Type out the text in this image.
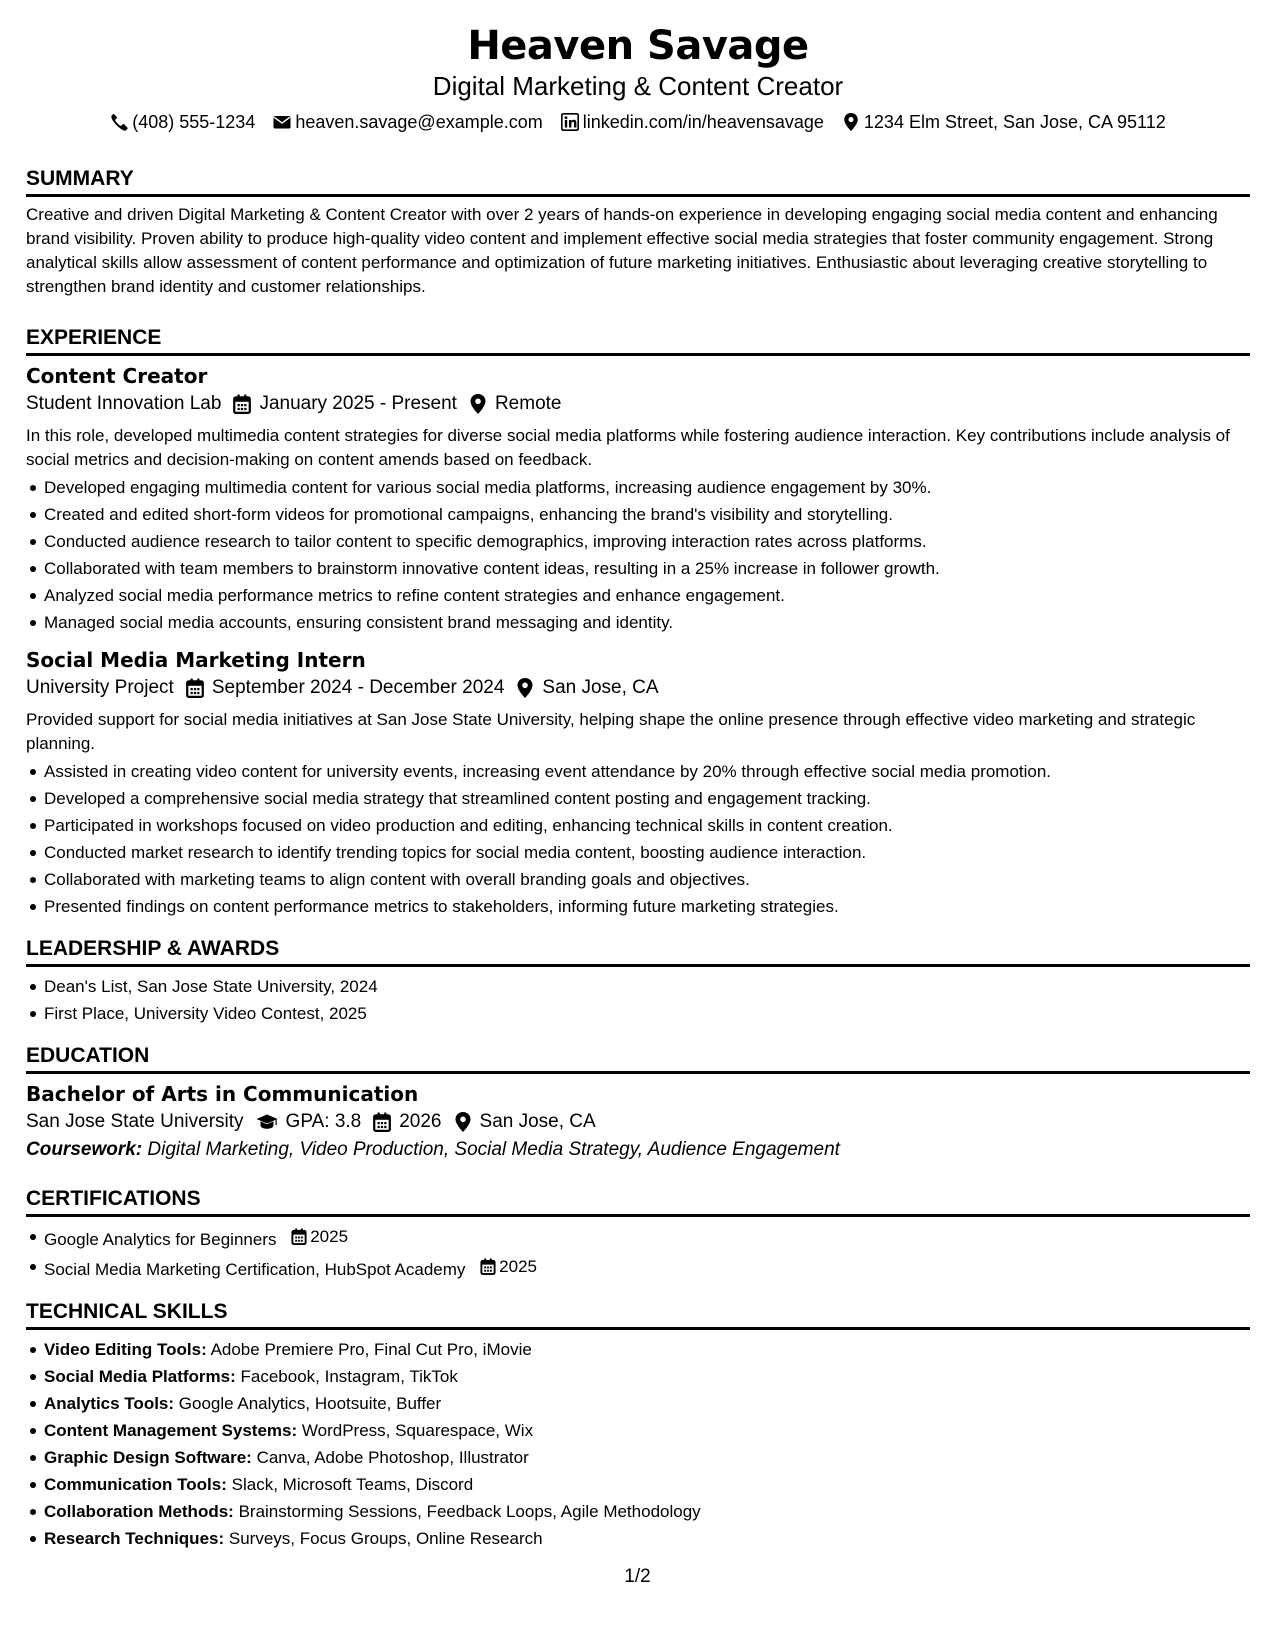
Heaven Savage
Digital Marketing & Content Creator
(408) 555-1234 heaven.savage@example.com linkedin.com/in/heavensavage 1234 Elm Street, San Jose, CA 95112
SUMMARY
Creative and driven Digital Marketing & Content Creator with over 2 years of hands-on experience in developing engaging social media content and enhancing brand visibility. Proven ability to produce high-quality video content and implement effective social media strategies that foster community engagement. Strong analytical skills allow assessment of content performance and optimization of future marketing initiatives. Enthusiastic about leveraging creative storytelling to strengthen brand identity and customer relationships.
EXPERIENCE
Content Creator
Student Innovation Lab January 2025 - Present Remote
In this role, developed multimedia content strategies for diverse social media platforms while fostering audience interaction. Key contributions include analysis of social metrics and decision-making on content amends based on feedback.
Developed engaging multimedia content for various social media platforms, increasing audience engagement by 30%.
Created and edited short-form videos for promotional campaigns, enhancing the brand's visibility and storytelling.
Conducted audience research to tailor content to specific demographics, improving interaction rates across platforms.
Collaborated with team members to brainstorm innovative content ideas, resulting in a 25% increase in follower growth.
Analyzed social media performance metrics to refine content strategies and enhance engagement.
Managed social media accounts, ensuring consistent brand messaging and identity.
Social Media Marketing Intern
University Project September 2024 - December 2024 San Jose, CA
Provided support for social media initiatives at San Jose State University, helping shape the online presence through effective video marketing and strategic planning.
Assisted in creating video content for university events, increasing event attendance by 20% through effective social media promotion.
Developed a comprehensive social media strategy that streamlined content posting and engagement tracking.
Participated in workshops focused on video production and editing, enhancing technical skills in content creation.
Conducted market research to identify trending topics for social media content, boosting audience interaction.
Collaborated with marketing teams to align content with overall branding goals and objectives.
Presented findings on content performance metrics to stakeholders, informing future marketing strategies.
LEADERSHIP & AWARDS
Dean's List, San Jose State University, 2024
First Place, University Video Contest, 2025
EDUCATION
Bachelor of Arts in Communication
San Jose State University GPA: 3.8 2026 San Jose, CA
Coursework: Digital Marketing, Video Production, Social Media Strategy, Audience Engagement
CERTIFICATIONS
Google Analytics for Beginners 2025
Social Media Marketing Certification, HubSpot Academy 2025
TECHNICAL SKILLS
Video Editing Tools: Adobe Premiere Pro, Final Cut Pro, iMovie
Social Media Platforms: Facebook, Instagram, TikTok
Analytics Tools: Google Analytics, Hootsuite, Buffer
Content Management Systems: WordPress, Squarespace, Wix
Graphic Design Software: Canva, Adobe Photoshop, Illustrator
Communication Tools: Slack, Microsoft Teams, Discord
Collaboration Methods: Brainstorming Sessions, Feedback Loops, Agile Methodology
Research Techniques: Surveys, Focus Groups, Online Research
1/2
